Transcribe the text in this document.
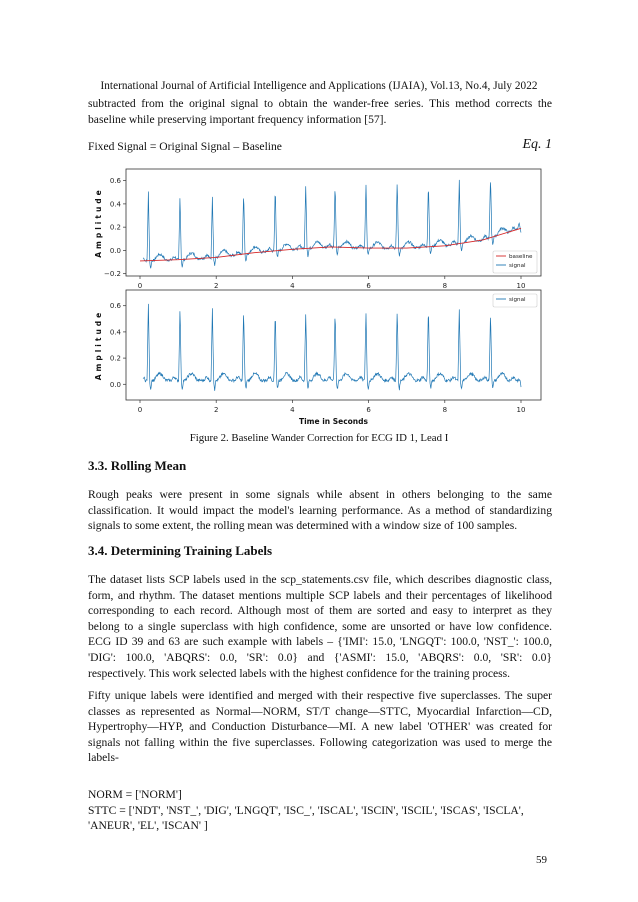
International Journal of Artificial Intelligence and Applications (IJAIA), Vol.13, No.4, July 2022
subtracted from the original signal to obtain the wander-free series. This method corrects the
baseline while preserving important frequency information [57].
Fixed Signal = Original Signal – Baseline	Eq. 1
0	2	4	6	8	10
−0.2
0.0
0.2
0.4
0.6
Amplitude	baseline
signal
0	2	4	6	8	10
0.0
0.2
0.4
0.6
Amplitude
Time in Seconds
signal
Figure 2. Baseline Wander Correction for ECG ID 1, Lead I
3.3. Rolling Mean
Rough peaks were present in some signals while absent in others belonging to the same
classification. It would impact the model's learning performance. As a method of standardizing
signals to some extent, the rolling mean was determined with a window size of 100 samples.
3.4. Determining Training Labels
The dataset lists SCP labels used in the scp_statements.csv file, which describes diagnostic class,
form, and rhythm. The dataset mentions multiple SCP labels and their percentages of likelihood
corresponding to each record. Although most of them are sorted and easy to interpret as they
belong to a single superclass with high confidence, some are unsorted or have low confidence.
ECG ID 39 and 63 are such example with labels – {'IMI': 15.0, 'LNGQT': 100.0, 'NST_': 100.0,
'DIG': 100.0, 'ABQRS': 0.0, 'SR': 0.0} and {'ASMI': 15.0, 'ABQRS': 0.0, 'SR': 0.0}
respectively. This work selected labels with the highest confidence for the training process.
Fifty unique labels were identified and merged with their respective five superclasses. The super
classes as represented as Normal—NORM, ST/T change—STTC, Myocardial Infarction—CD,
Hypertrophy—HYP, and Conduction Disturbance—MI. A new label 'OTHER' was created for
signals not falling within the five superclasses. Following categorization was used to merge the
labels-
NORM = ['NORM']
STTC = ['NDT', 'NST_', 'DIG', 'LNGQT', 'ISC_', 'ISCAL', 'ISCIN', 'ISCIL', 'ISCAS', 'ISCLA',
'ANEUR', 'EL', 'ISCAN' ]
59
